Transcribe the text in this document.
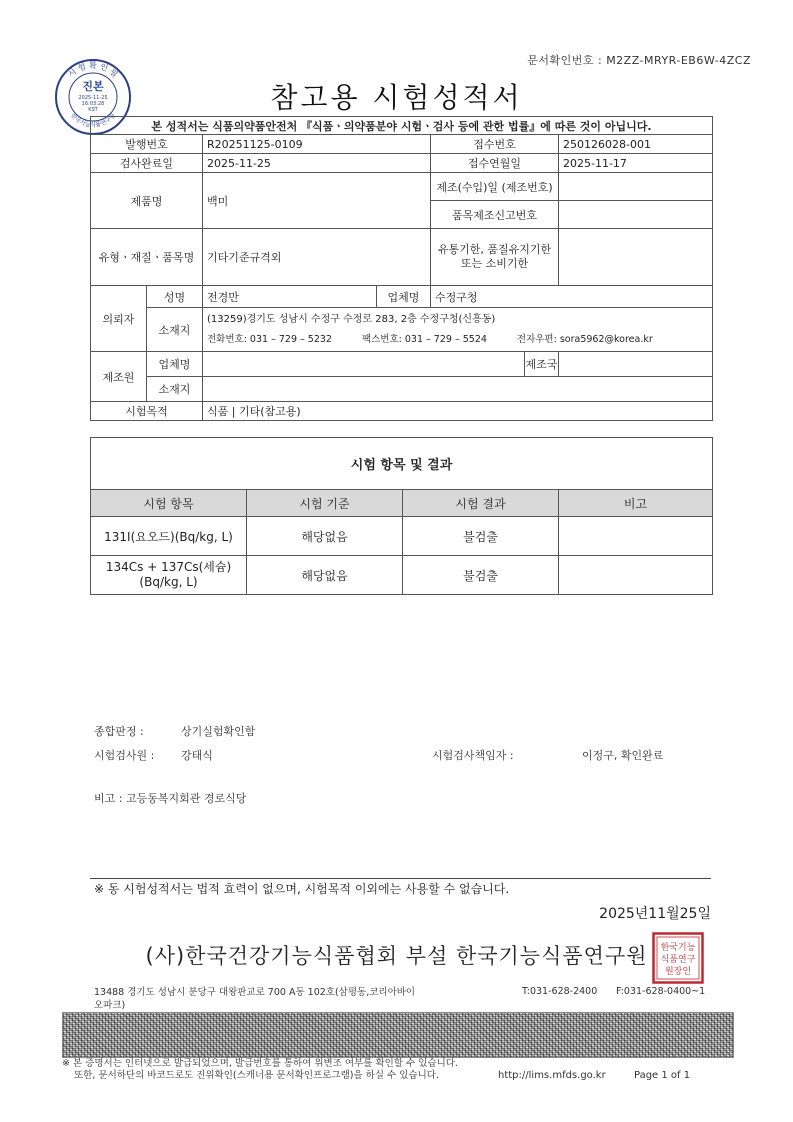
문서확인번호 : M2ZZ-MRYR-EB6W-4ZCZ
시 험 확 인 필
한국기능식품연구원
진본
2025-11-25
16:03:28
KST	참고용 시험성적서
본 성적서는 식품의약품안전처 『식품ㆍ의약품분야 시험ㆍ검사 등에 관한 법률』에 따른 것이 아닙니다.						
발행번호		R20251125-0109		접수번호		250126028-001
검사완료일		2025-11-25		접수연월일		2025-11-17
제품명		백미		제조(수입)일 (제조번호)		
				품목제조신고번호		
유형ㆍ재질ㆍ품목명		기타기준규격외		유통기한, 품질유지기한 또는 소비기한		
의뢰자	성명	전경만	업체명	수정구청		
	소재지	(13259)경기도 성남시 수정구 수정로 283, 2층 수정구청(신흥동)
전화번호: 031 – 729 – 5232 팩스번호: 031 – 729 – 5524 전자우편: sora5962@korea.kr				

제조원	업체명				제조국	
	소재지					
시험목적		식품 | 기타(참고용)				
시험 항목 및 결과			
시험 항목	시험 기준	시험 결과	비고
131I(요오드)(Bq/kg, L)	해당없음	불검출	

134Cs + 137Cs(세슘)
(Bq/kg, L)	해당없음	불검출	
종합판정 :	상기실험확인함
시험검사원 : 강태식	시험검사책임자 :	이정구, 확인완료
비고 : 고등동복지회관 경로식당
※ 동 시험성적서는 법적 효력이 없으며, 시험목적 이외에는 사용할 수 없습니다.
2025년11월25일
(사)한국건강기능식품협회 부설 한국기능식품연구원	한국기능
식품연구
원장인
13488 경기도 성남시 분당구 대왕판교로 700 A동 102호(삼평동,코리아바이오파크)
T:031-628-2400 F:031-628-0400~1
※ 본 증명서는 인터넷으로 발급되었으며, 발급번호를 통하여 위변조 여부를 확인할 수 있습니다.
또한, 문서하단의 바코드로도 진위확인(스캐너용 문서확인프로그램)을 하실 수 있습니다.	http://lims.mfds.go.kr	Page 1 of 1
